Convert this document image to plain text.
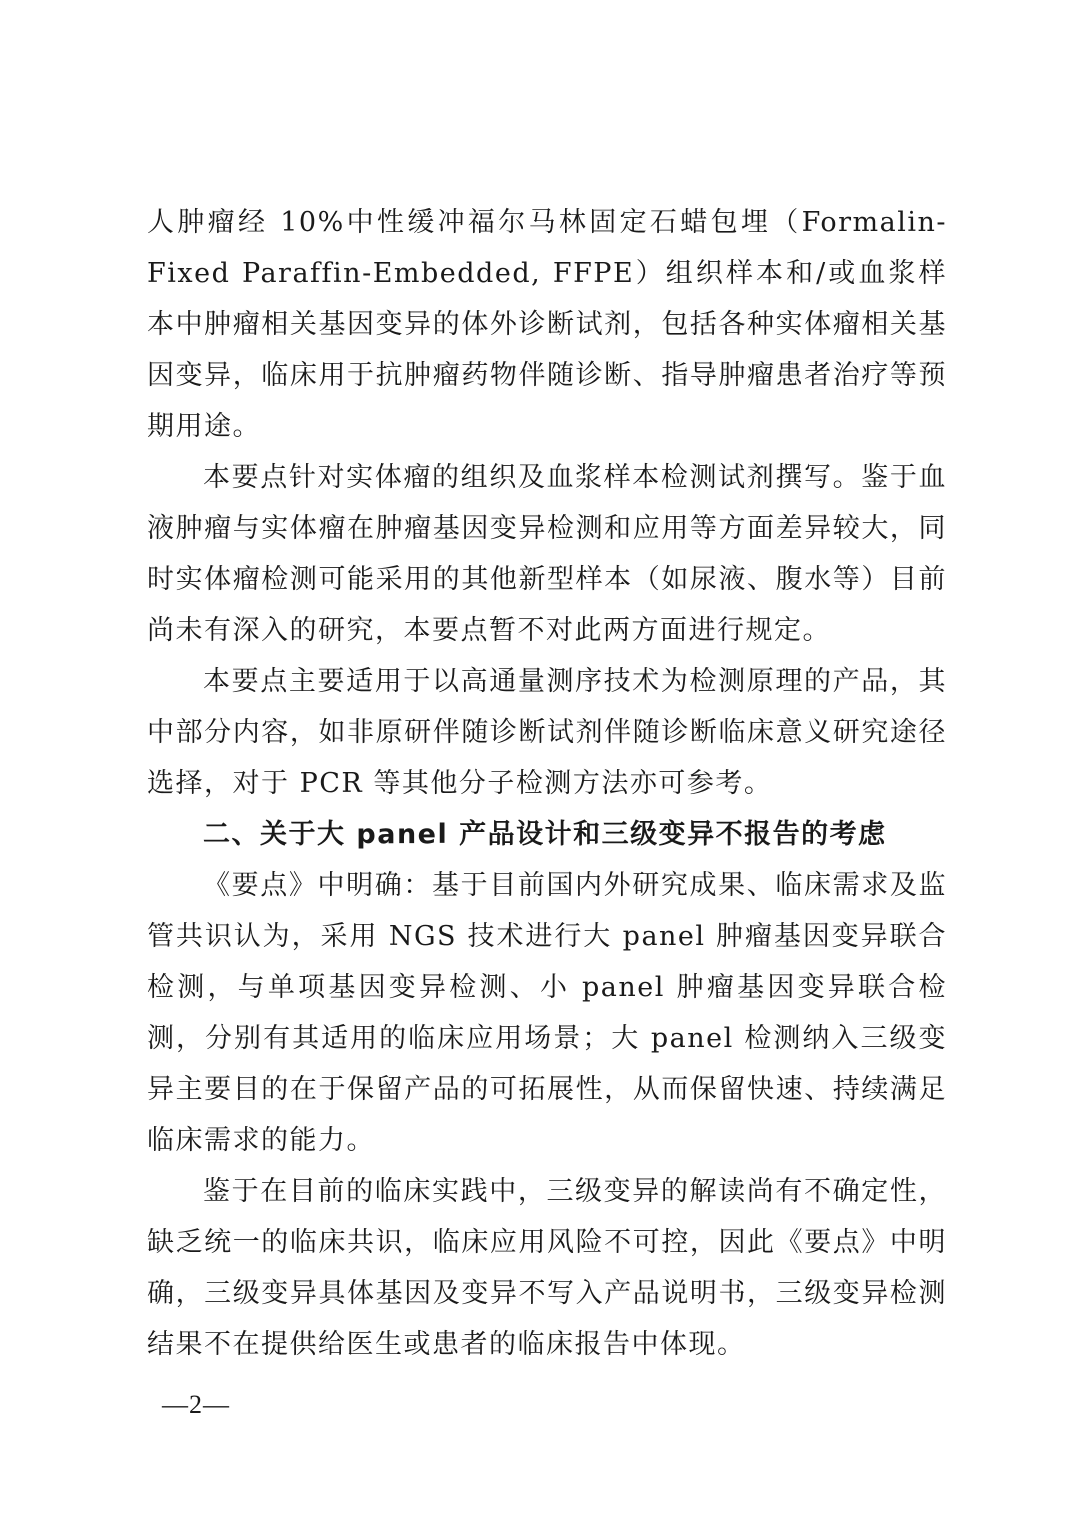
人肿瘤经 10%中性缓冲福尔马林固定石蜡包埋（Formalin-Fixed Paraffin-Embedded, FFPE）组织样本和/或血浆样本中肿瘤相关基因变异的体外诊断试剂，包括各种实体瘤相关基因变异，临床用于抗肿瘤药物伴随诊断、指导肿瘤患者治疗等预期用途。

本要点针对实体瘤的组织及血浆样本检测试剂撰写。鉴于血液肿瘤与实体瘤在肿瘤基因变异检测和应用等方面差异较大，同时实体瘤检测可能采用的其他新型样本（如尿液、腹水等）目前尚未有深入的研究，本要点暂不对此两方面进行规定。

本要点主要适用于以高通量测序技术为检测原理的产品，其中部分内容，如非原研伴随诊断试剂伴随诊断临床意义研究途径选择，对于 PCR 等其他分子检测方法亦可参考。

二、关于大 panel 产品设计和三级变异不报告的考虑

《要点》中明确：基于目前国内外研究成果、临床需求及监管共识认为，采用 NGS 技术进行大 panel 肿瘤基因变异联合检测，与单项基因变异检测、小 panel 肿瘤基因变异联合检测，分别有其适用的临床应用场景；大 panel 检测纳入三级变异主要目的在于保留产品的可拓展性，从而保留快速、持续满足临床需求的能力。

鉴于在目前的临床实践中，三级变异的解读尚有不确定性，缺乏统一的临床共识，临床应用风险不可控，因此《要点》中明确，三级变异具体基因及变异不写入产品说明书，三级变异检测结果不在提供给医生或患者的临床报告中体现。

—2—
